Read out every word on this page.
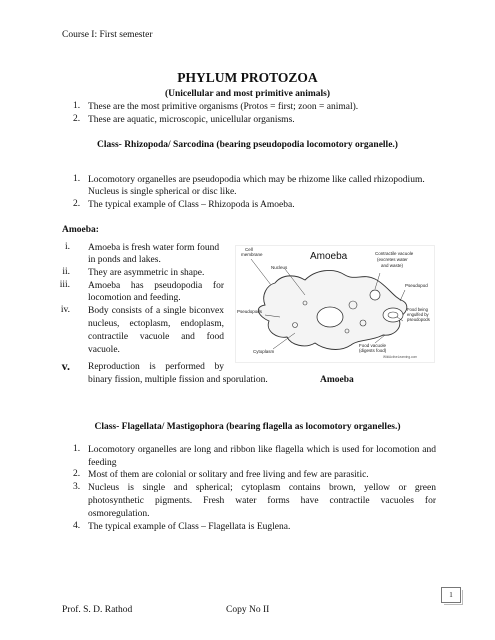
Course I: First semester
PHYLUM PROTOZOA
(Unicellular and most primitive animals)
1. These are the most primitive organisms (Protos = first; zoon = animal).
2. These are aquatic, microscopic, unicellular organisms.
Class- Rhizopoda/ Sarcodina (bearing pseudopodia locomotory organelle.)
1. Locomotory organelles are pseudopodia which may be rhizome like called rhizopodium.
Nucleus is single spherical or disc like.
2. The typical example of Class – Rhizopoda is Amoeba.
Amoeba:
i. Amoeba is fresh water form found
in ponds and lakes.
ii. They are asymmetric in shape.
iii. Amoeba has pseudopodia for
locomotion and feeding.
iv. Body consists of a single biconvex
nucleus, ectoplasm, endoplasm,
contractile vacuole and food
vacuole.
v. Reproduction is performed by
binary fission, multiple fission and sporulation.	Amoeba
Amoeba
Cell
membrane
Nucleus
Contractile vacuole
(excretes water
and waste)
Pseudopod
Pseudopods	Food being
engulfed by
pseudopods
Cytoplasm
Food vacuole
(digests food)
Wiki‍ActiveLearning.com
Class- Flagellata/ Mastigophora (bearing flagella as locomotory organelles.)
1. Locomotory organelles are long and ribbon like flagella which is used for locomotion and
feeding
2. Most of them are colonial or solitary and free living and few are parasitic.
3. Nucleus is single and spherical; cytoplasm contains brown, yellow or green
photosynthetic pigments. Fresh water forms have contractile vacuoles for
osmoregulation.
4. The typical example of Class – Flagellata is Euglena.
1
Prof. S. D. Rathod	Copy No II
